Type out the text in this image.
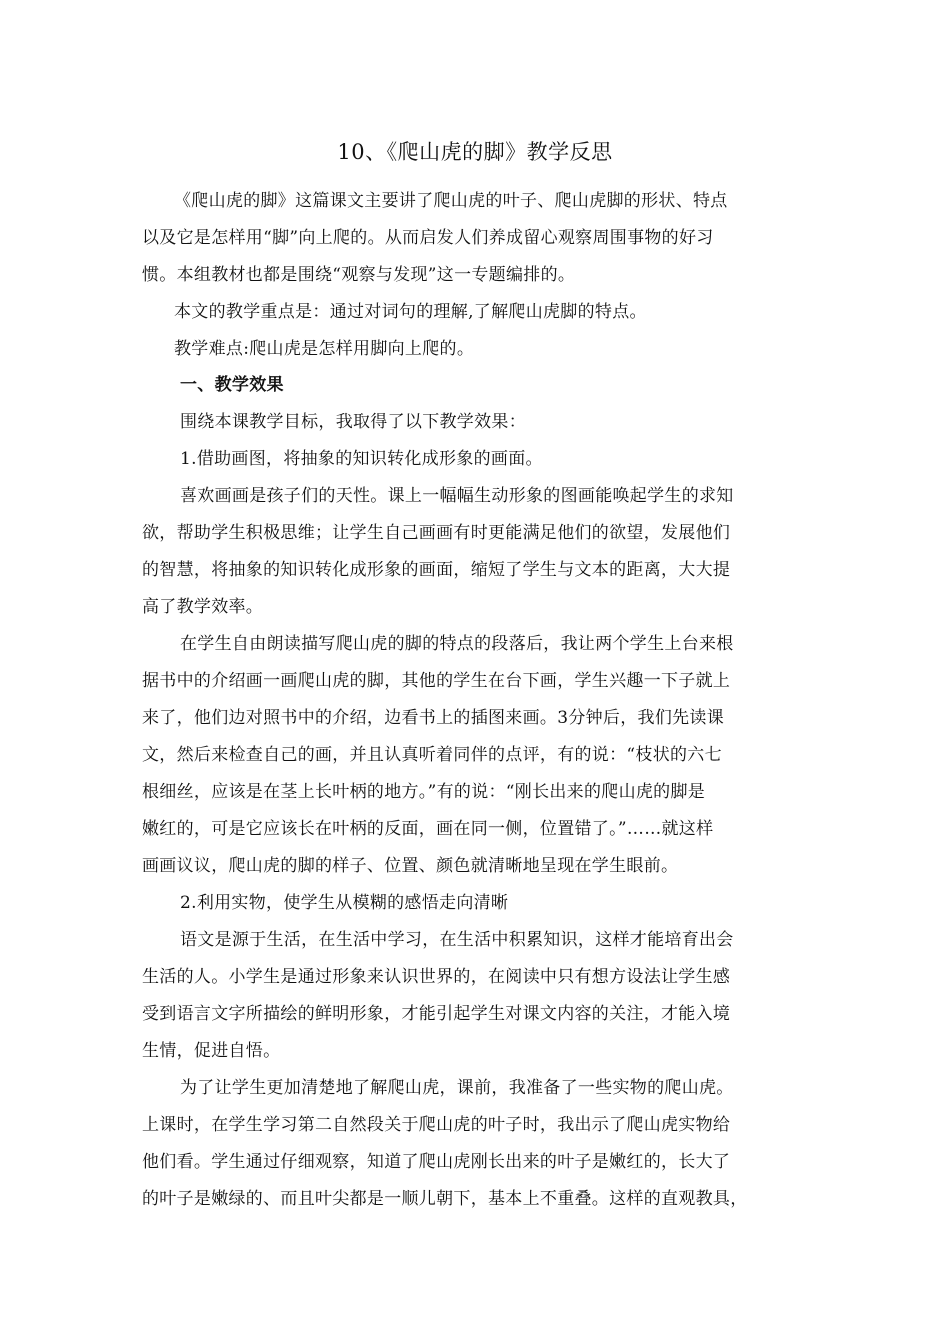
10、《爬山虎的脚》教学反思
《爬山虎的脚》这篇课文主要讲了爬山虎的叶子、爬山虎脚的形状、特点
以及它是怎样用“脚”向上爬的。从而启发人们养成留心观察周围事物的好习
惯。本组教材也都是围绕“观察与发现”这一专题编排的。
本文的教学重点是：通过对词句的理解,了解爬山虎脚的特点。
教学难点:爬山虎是怎样用脚向上爬的。
一、教学效果
围绕本课教学目标，我取得了以下教学效果：
1.借助画图，将抽象的知识转化成形象的画面。
喜欢画画是孩子们的天性。课上一幅幅生动形象的图画能唤起学生的求知
欲，帮助学生积极思维；让学生自己画画有时更能满足他们的欲望，发展他们
的智慧，将抽象的知识转化成形象的画面，缩短了学生与文本的距离，大大提
高了教学效率。
在学生自由朗读描写爬山虎的脚的特点的段落后，我让两个学生上台来根
据书中的介绍画一画爬山虎的脚，其他的学生在台下画，学生兴趣一下子就上
来了，他们边对照书中的介绍，边看书上的插图来画。3分钟后，我们先读课
文，然后来检查自己的画，并且认真听着同伴的点评，有的说：“枝状的六七
根细丝，应该是在茎上长叶柄的地方。”有的说：“刚长出来的爬山虎的脚是
嫩红的，可是它应该长在叶柄的反面，画在同一侧，位置错了。”……就这样
画画议议，爬山虎的脚的样子、位置、颜色就清晰地呈现在学生眼前。
2.利用实物，使学生从模糊的感悟走向清晰
语文是源于生活，在生活中学习，在生活中积累知识，这样才能培育出会
生活的人。小学生是通过形象来认识世界的，在阅读中只有想方设法让学生感
受到语言文字所描绘的鲜明形象，才能引起学生对课文内容的关注，才能入境
生情，促进自悟。
为了让学生更加清楚地了解爬山虎，课前，我准备了一些实物的爬山虎。
上课时，在学生学习第二自然段关于爬山虎的叶子时，我出示了爬山虎实物给
他们看。学生通过仔细观察，知道了爬山虎刚长出来的叶子是嫩红的，长大了
的叶子是嫩绿的、而且叶尖都是一顺儿朝下，基本上不重叠。这样的直观教具，
